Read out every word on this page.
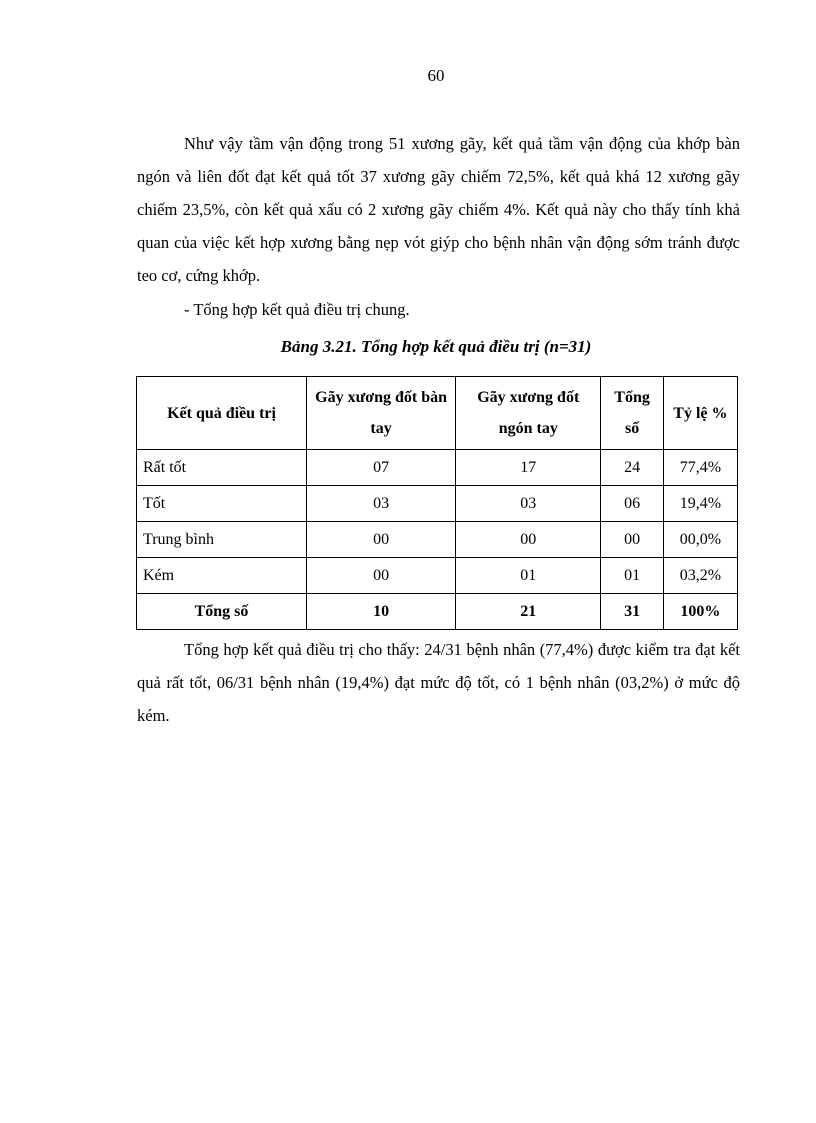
60

Như vậy tầm vận động trong 51 xương gãy, kết quả tầm vận động của khớp bàn ngón và liên đốt đạt kết quả tốt 37 xương gãy chiếm 72,5%, kết quả khá 12 xương gãy chiếm 23,5%, còn kết quả xấu có 2 xương gãy chiếm 4%. Kết quả này cho thấy tính khả quan của việc kết hợp xương bằng nẹp vót giýp cho bệnh nhân vận động sớm tránh được teo cơ, cứng khớp.

- Tổng hợp kết quả điều trị chung.

Bảng 3.21. Tổng hợp kết quả điều trị (n=31)
Kết quả điều trị	Gãy xương đốt bàn tay	Gãy xương đốt ngón tay	Tổng số	Tỷ lệ %
Rất tốt	07	17	24	77,4%
Tốt	03	03	06	19,4%
Trung bình	00	00	00	00,0%
Kém	00	01	01	03,2%
Tổng số	10	21	31	100%

Tổng hợp kết quả điều trị cho thấy: 24/31 bệnh nhân (77,4%) được kiểm tra đạt kết quả rất tốt, 06/31 bệnh nhân (19,4%) đạt mức độ tốt, có 1 bệnh nhân (03,2%) ở mức độ kém.
